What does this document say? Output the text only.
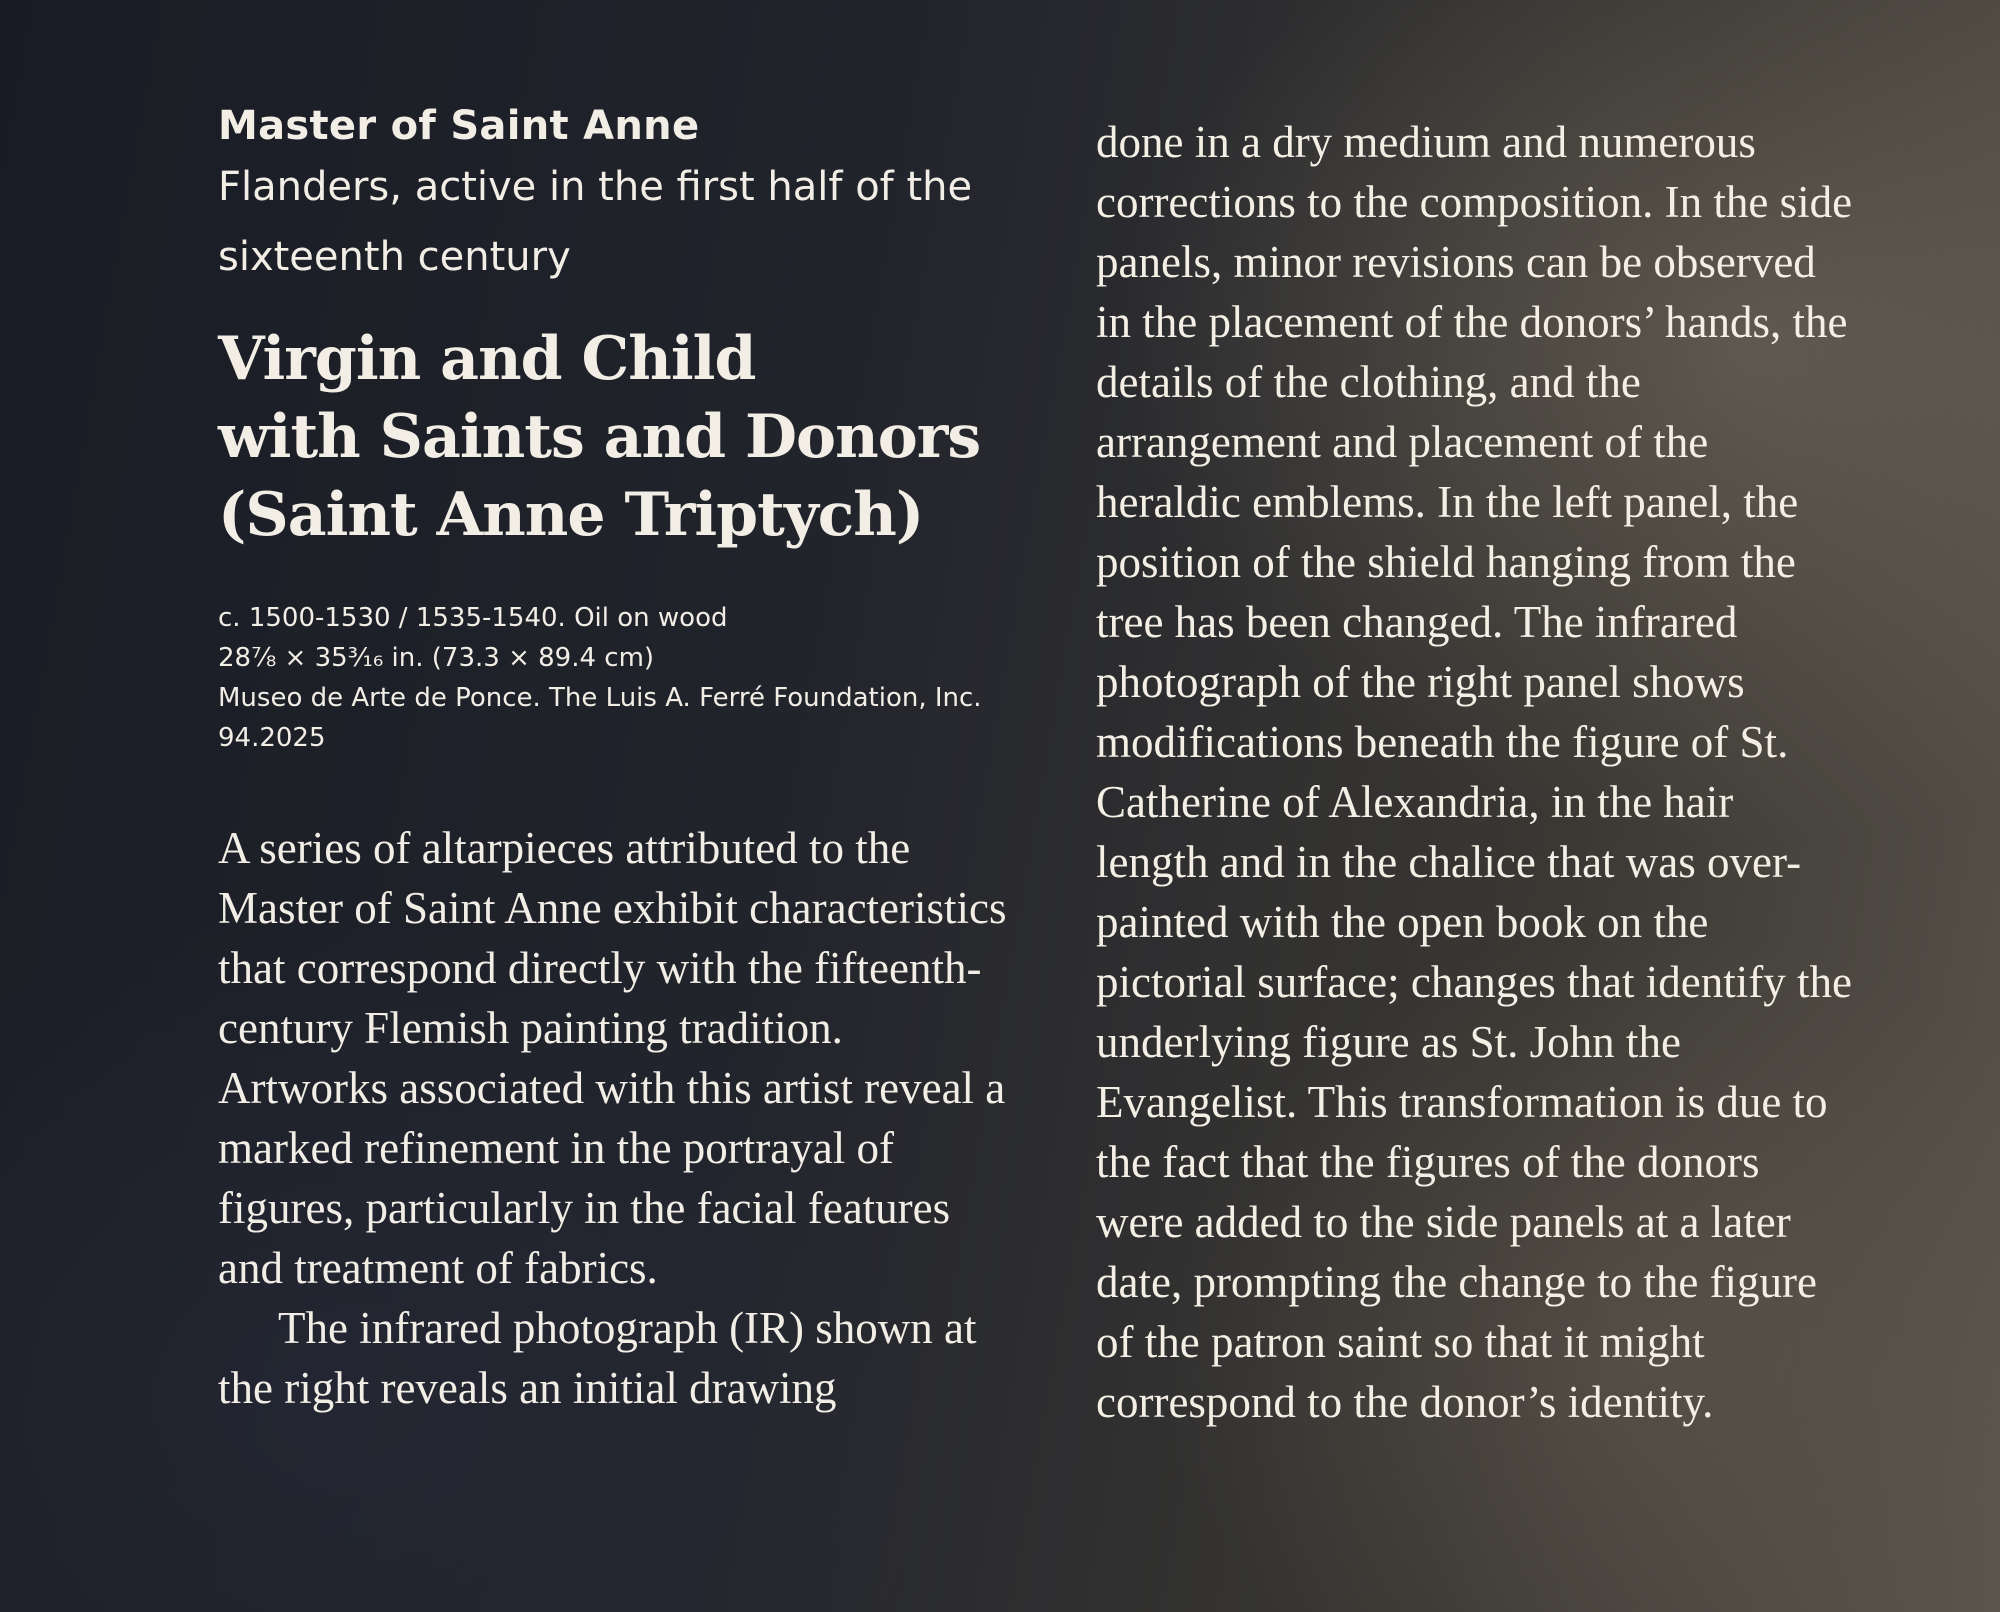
Master of Saint Anne

Flanders, active in the first half of the sixteenth century

Virgin and Child
with Saints and Donors
(Saint Anne Triptych)
c. 1500-1530 / 1535-1540. Oil on wood
28⅞ × 35³⁄₁₆ in. (73.3 × 89.4 cm)
Museo de Arte de Ponce. The Luis A. Ferré Foundation, Inc.
94.2025

A series of altarpieces attributed to the Master of Saint Anne exhibit characteristics that correspond directly with the fifteenth-century Flemish painting tradition. Artworks associated with this artist reveal a marked refinement in the portrayal of figures, particularly in the facial features and treatment of fabrics.

The infrared photograph (IR) shown at the right reveals an initial drawing

done in a dry medium and numerous corrections to the composition. In the side panels, minor revisions can be observed in the placement of the donors’ hands, the details of the clothing, and the arrangement and placement of the heraldic emblems. In the left panel, the position of the shield hanging from the tree has been changed. The infrared photograph of the right panel shows modifications beneath the figure of St. Catherine of Alexandria, in the hair length and in the chalice that was over-painted with the open book on the pictorial surface; changes that identify the underlying figure as St. John the Evangelist. This transformation is due to the fact that the figures of the donors were added to the side panels at a later date, prompting the change to the figure of the patron saint so that it might correspond to the donor’s identity.
